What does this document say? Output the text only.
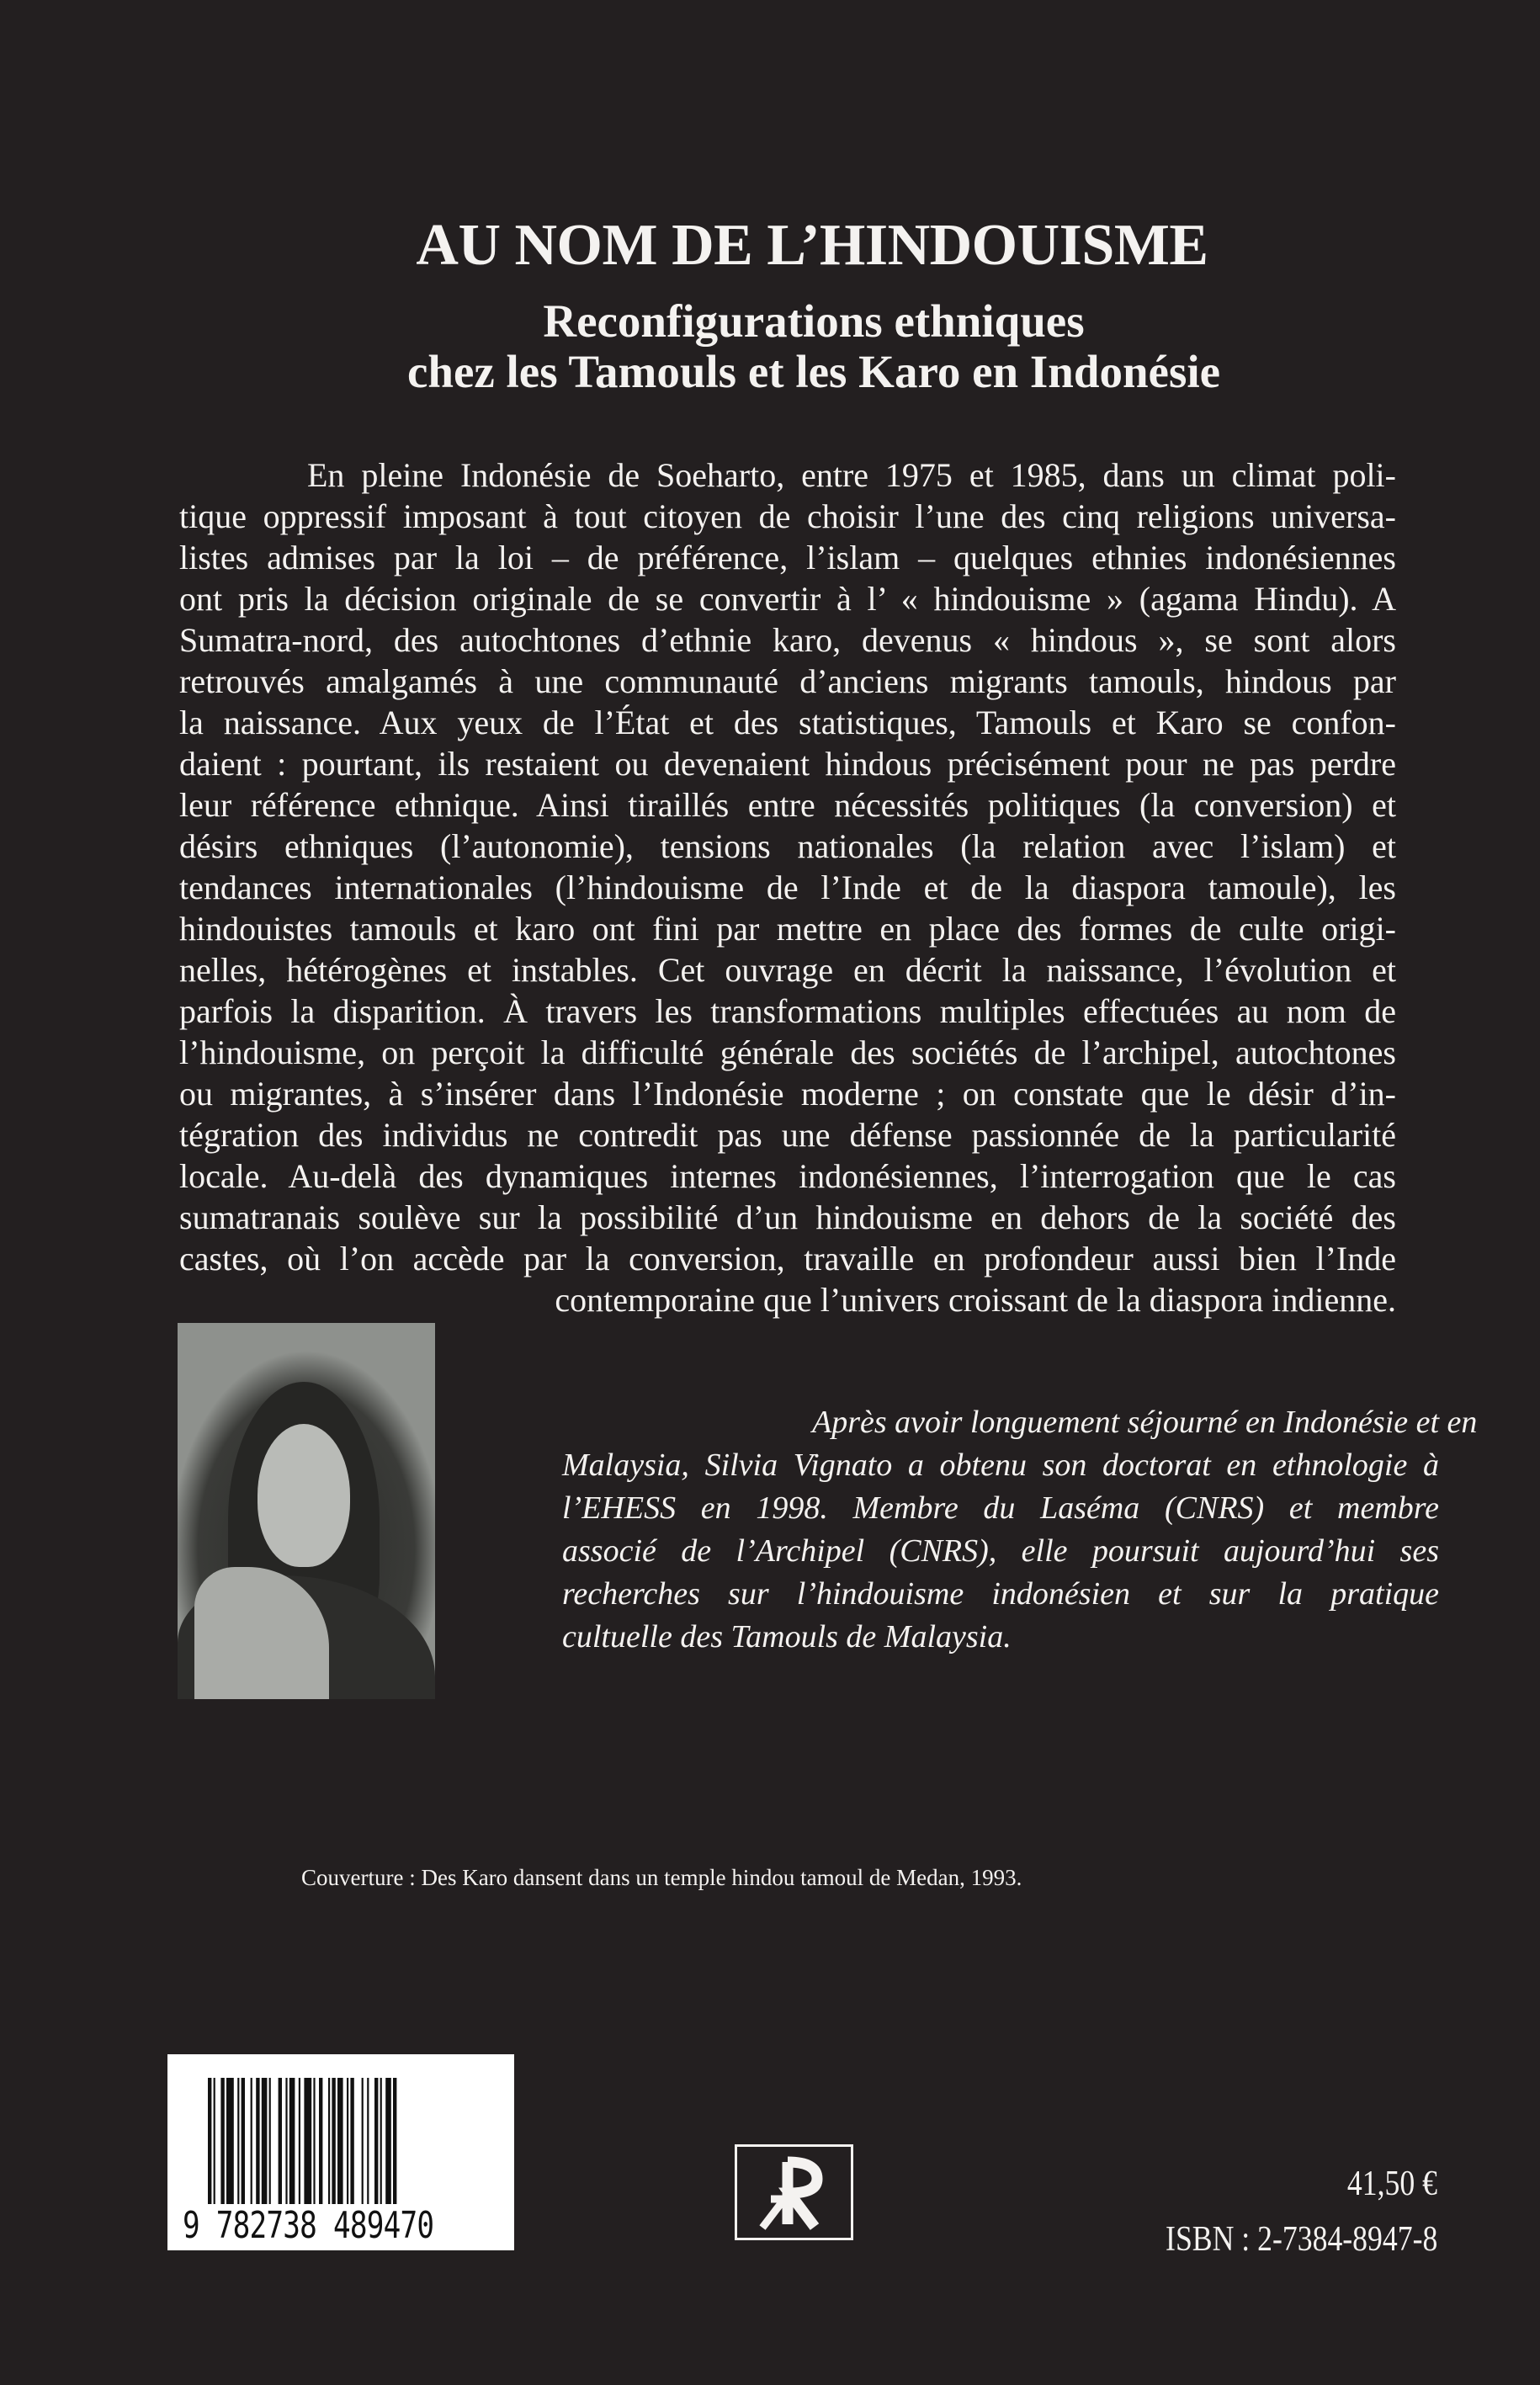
AU NOM DE L’HINDOUISME
Reconfigurations ethniques
chez les Tamouls et les Karo en Indonésie
En pleine Indonésie de Soeharto, entre 1975 et 1985, dans un climat poli-
tique oppressif imposant à tout citoyen de choisir l’une des cinq religions universa-
listes admises par la loi – de préférence, l’islam – quelques ethnies indonésiennes
ont pris la décision originale de se convertir à l’ « hindouisme » (agama Hindu). A
Sumatra-nord, des autochtones d’ethnie karo, devenus « hindous », se sont alors
retrouvés amalgamés à une communauté d’anciens migrants tamouls, hindous par
la naissance. Aux yeux de l’État et des statistiques, Tamouls et Karo se confon-
daient : pourtant, ils restaient ou devenaient hindous précisément pour ne pas perdre
leur référence ethnique. Ainsi tiraillés entre nécessités politiques (la conversion) et
désirs ethniques (l’autonomie), tensions nationales (la relation avec l’islam) et
tendances internationales (l’hindouisme de l’Inde et de la diaspora tamoule), les
hindouistes tamouls et karo ont fini par mettre en place des formes de culte origi-
nelles, hétérogènes et instables. Cet ouvrage en décrit la naissance, l’évolution et
parfois la disparition. À travers les transformations multiples effectuées au nom de
l’hindouisme, on perçoit la difficulté générale des sociétés de l’archipel, autochtones
ou migrantes, à s’insérer dans l’Indonésie moderne ; on constate que le désir d’in-
tégration des individus ne contredit pas une défense passionnée de la particularité
locale. Au-delà des dynamiques internes indonésiennes, l’interrogation que le cas
sumatranais soulève sur la possibilité d’un hindouisme en dehors de la société des
castes, où l’on accède par la conversion, travaille en profondeur aussi bien l’Inde
contemporaine que l’univers croissant de la diaspora indienne.
Après avoir longuement séjourné en Indonésie et en
Malaysia, Silvia Vignato a obtenu son doctorat en ethnologie à
l’EHESS en 1998. Membre du Laséma (CNRS) et membre
associé de l’Archipel (CNRS), elle poursuit aujourd’hui ses
recherches sur l’hindouisme indonésien et sur la pratique
cultuelle des Tamouls de Malaysia.
Couverture : Des Karo dansent dans un temple hindou tamoul de Medan, 1993.
9 782738 489470
41,50 €
ISBN : 2-7384-8947-8
